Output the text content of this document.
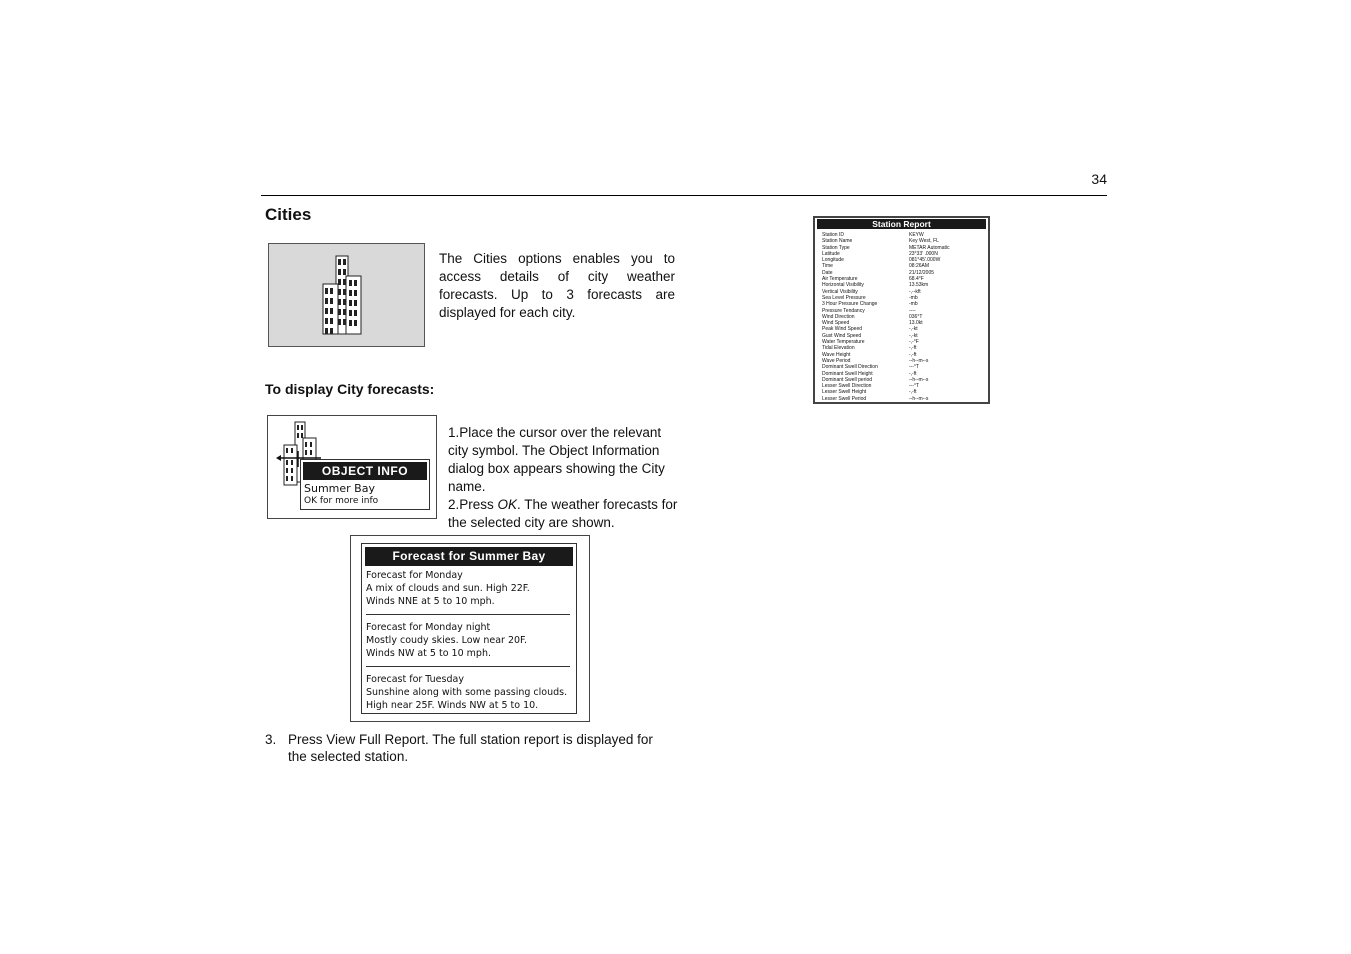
34
Cities
The Cities options enables you to access details of city weather forecasts. Up to 3 forecasts are displayed for each city.
To display City forecasts:
OBJECT INFO
Summer Bay
OK for more info

1.Place the cursor over the relevant city symbol. The Object Information dialog box appears showing the City name.

2.Press OK. The weather forecasts for the selected city are shown.

Forecast for Summer Bay
Forecast for Monday
A mix of clouds and sun. High 22F.
Winds NNE at 5 to 10 mph.
Forecast for Monday night
Mostly coudy skies. Low near 20F.
Winds NW at 5 to 10 mph.
Forecast for Tuesday
Sunshine along with some passing clouds.
High near 25F. Winds NW at 5 to 10.
3. Press View Full Report. The full station report is displayed for the selected station.
Station Report
Station ID	KEYW
Station Name	Key West, FL
Station Type	METAR Automatic
Latitude	23°33' .000N
Longitude	081°45'.000W
Time	08:26AM
Date	21/12/2005
Air Temperature	68.4°F
Horizontal Visibility	13.53km
Vertical Visibility	-,--kft
Sea Level Pressure	-mb
3 Hour Pressure Change	-mb
Pressure Tendancy	----
Wind Direction	036°T
Wind Speed	13.0kt
Peak Wind Speed	-,-kt
Gust Wind Speed	-,-kt
Water Temperature	-,-°F
Tidal Elevation	-,-ft
Wave Height	-,-ft
Wave Period	--h--m--s
Dominant Swell Direction	---°T
Dominant Swell Height	-,-ft
Dominant Swell period	--h--m--s
Lesser Swell Direction	---°T
Lesser Swell Height	-,-ft
Lesser Swell Period	--h--m--s
